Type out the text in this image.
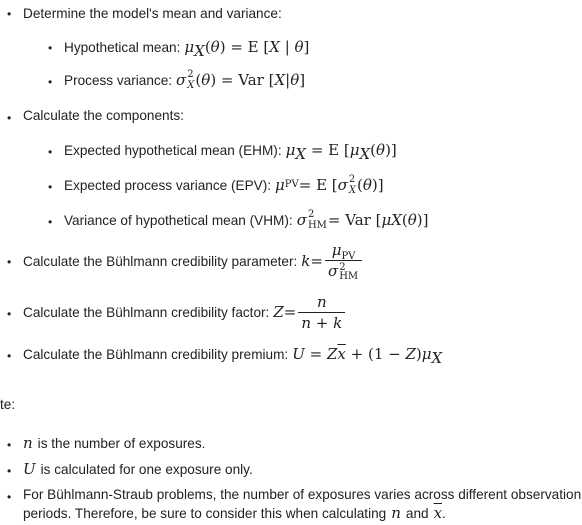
• Determine the model's mean and variance:
• Hypothetical mean: $\mu_X(\theta) = E$ [X | θ]
• Process variance: σ 2
X ( θ ) = Var [ X | θ ]
• Calculate the components:
• Expected hypothetical mean (EHM): $\mu_X = E$ $[\mu_X(\theta)]$
• Expected process variance (EPV): μ PV = E [ σ 2
X ( θ )]
• Variance of hypothetical mean (VHM): σ 2
HM = Var [ μ X ( θ )]
• Calculate the Bühlmann credibility parameter: $k = \mu_{PV}$
σ 2
HM
• Calculate the Bühlmann credibility factor: $Z = \frac{n}{n + k}$
• Calculate the Bühlmann credibility premium: $U = Z\overline{x} + (1 - Z)\mu_X$
te:
• n is the number of exposures.
• U is calculated for one exposure only.
• For Bühlmann-Straub problems, the number of exposures varies across different observation
periods. Therefore, be sure to consider this when calculating n and $\overline{x}$ .
